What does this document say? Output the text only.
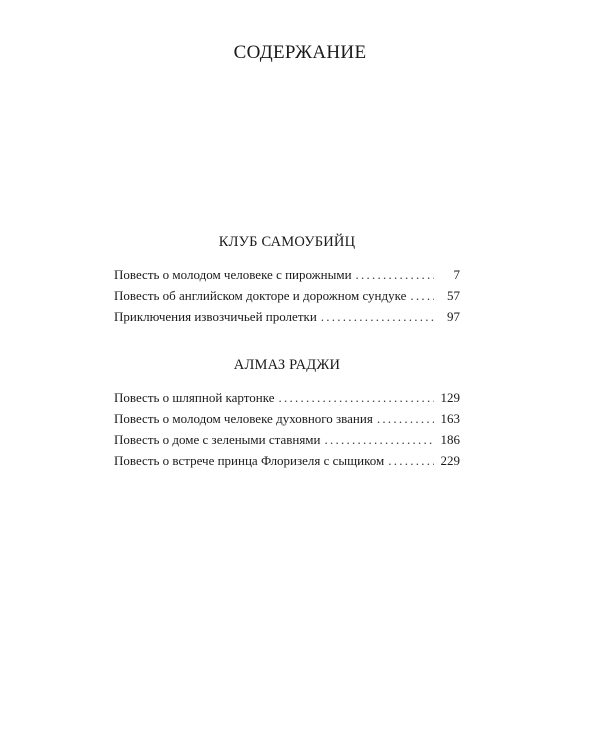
СОДЕРЖАНИЕ
КЛУБ САМОУБИЙЦ
Повесть о молодом человеке с пирожными . . .	7
Повесть об английском докторе и дорожном сундуке . . .	57
Приключения извозчичьей пролетки . . .	97
АЛМАЗ РАДЖИ
Повесть о шляпной картонке . . .	129
Повесть о молодом человеке духовного звания . . .	163
Повесть о доме с зелеными ставнями . . .	186
Повесть о встрече принца Флоризеля с сыщиком . . .	229
